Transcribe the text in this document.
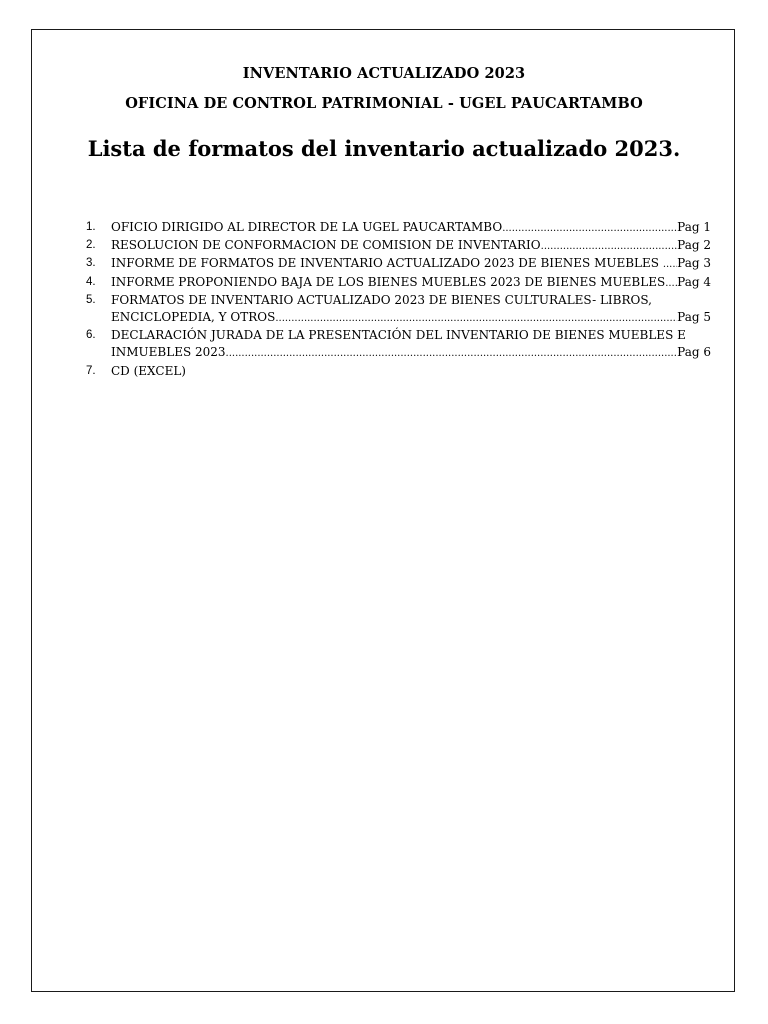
INVENTARIO ACTUALIZADO 2023
OFICINA DE CONTROL PATRIMONIAL - UGEL PAUCARTAMBO
Lista de formatos del inventario actualizado 2023.
1. OFICIO DIRIGIDO AL DIRECTOR DE LA UGEL PAUCARTAMBO .....	Pag 1
2. RESOLUCION DE CONFORMACION DE COMISION DE INVENTARIO .....	Pag 2
3. INFORME DE FORMATOS DE INVENTARIO ACTUALIZADO 2023 DE BIENES MUEBLES ..... Pag 3
4. INFORME PROPONIENDO BAJA DE LOS BIENES MUEBLES 2023 DE BIENES MUEBLES ..... Pag 4
5. FORMATOS DE INVENTARIO ACTUALIZADO 2023 DE BIENES CULTURALES- LIBROS,
ENCICLOPEDIA, Y OTROS .....	Pag 5
6. DECLARACIÓN JURADA DE LA PRESENTACIÓN DEL INVENTARIO DE BIENES MUEBLES E
INMUEBLES 2023 .....	Pag 6
7. CD (EXCEL)
